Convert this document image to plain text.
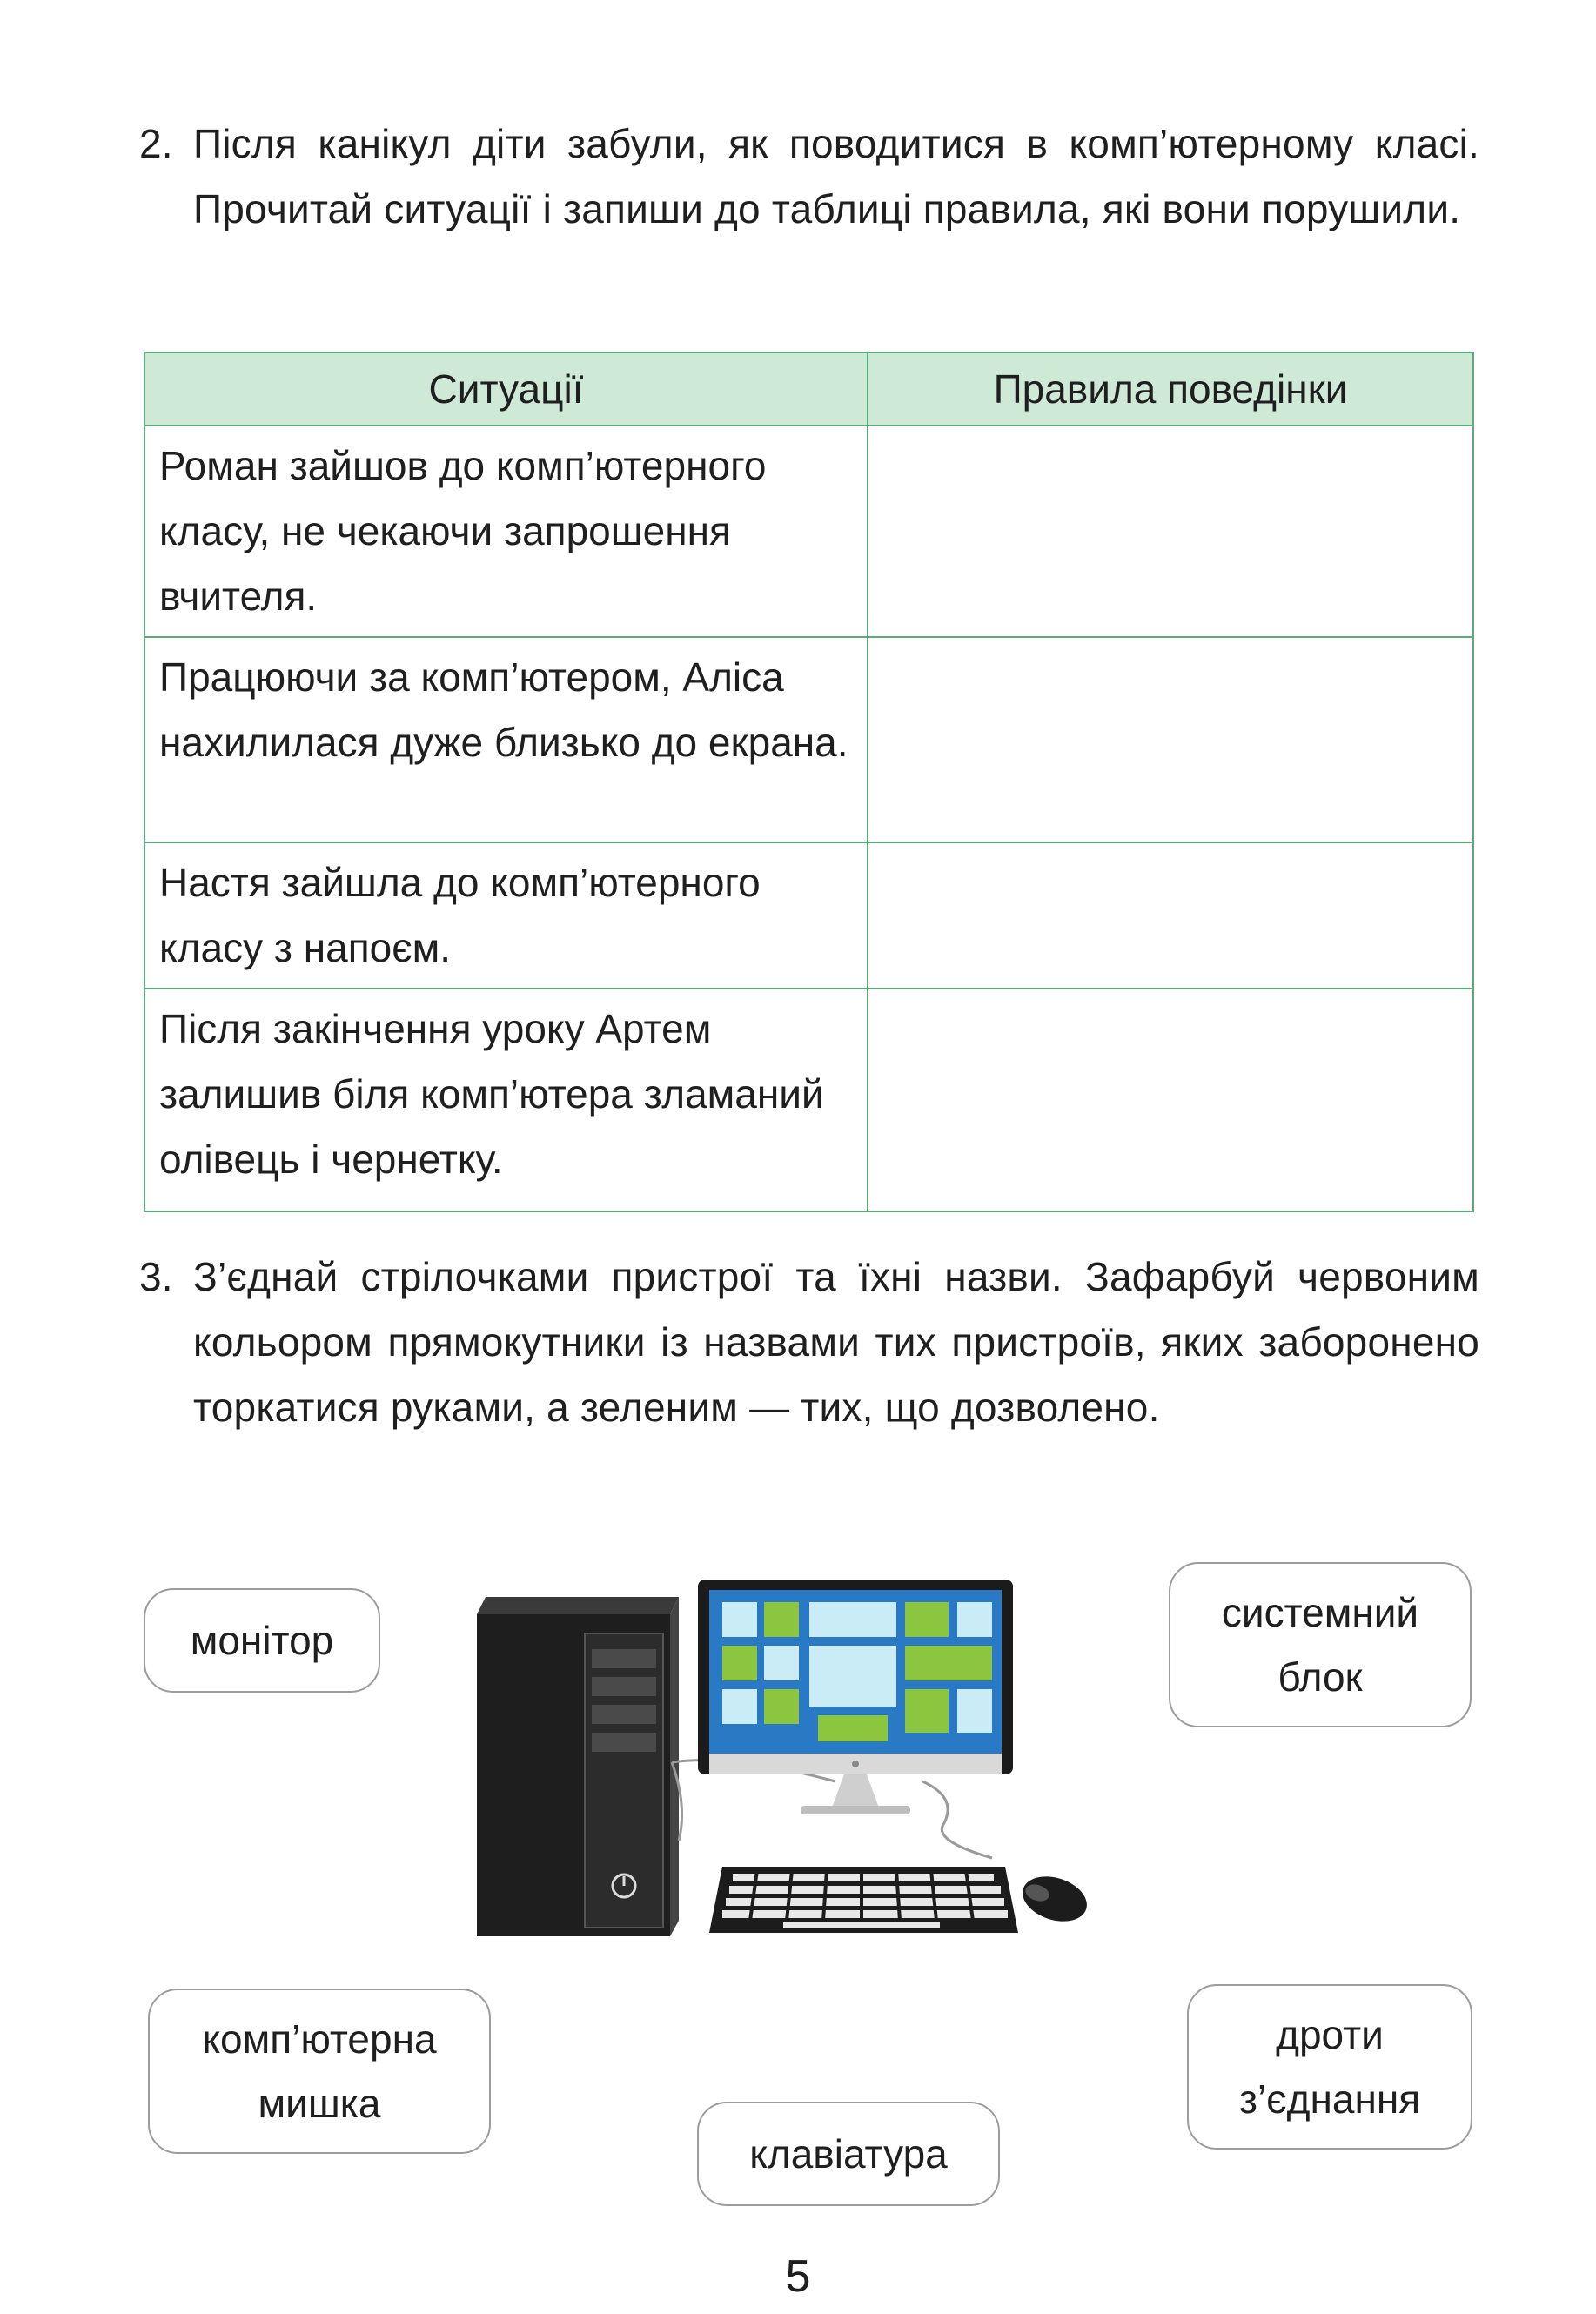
2. Після канікул діти забули, як поводитися в комп’ютерному класі. Прочитай ситуації і запиши до таблиці правила, які вони порушили.
Ситуації	Правила поведінки
Роман зайшов до комп’ютерного класу, не чекаючи запрошення вчителя.	
Працюючи за комп’ютером, Аліса нахилилася дуже близько до екрана.	
Настя зайшла до комп’ютерного класу з напоєм.	
Після закінчення уроку Артем залишив біля комп’ютера зламаний олівець і чернетку.	
3. З’єднай стрілочками пристрої та їхні назви. Зафарбуй червоним кольором прямокутники із назвами тих пристроїв, яких заборонено торкатися руками, а зеленим — тих, що дозволено.
монітор
системний блок
комп’ютерна мишка
клавіатура
дроти з’єднання
5
